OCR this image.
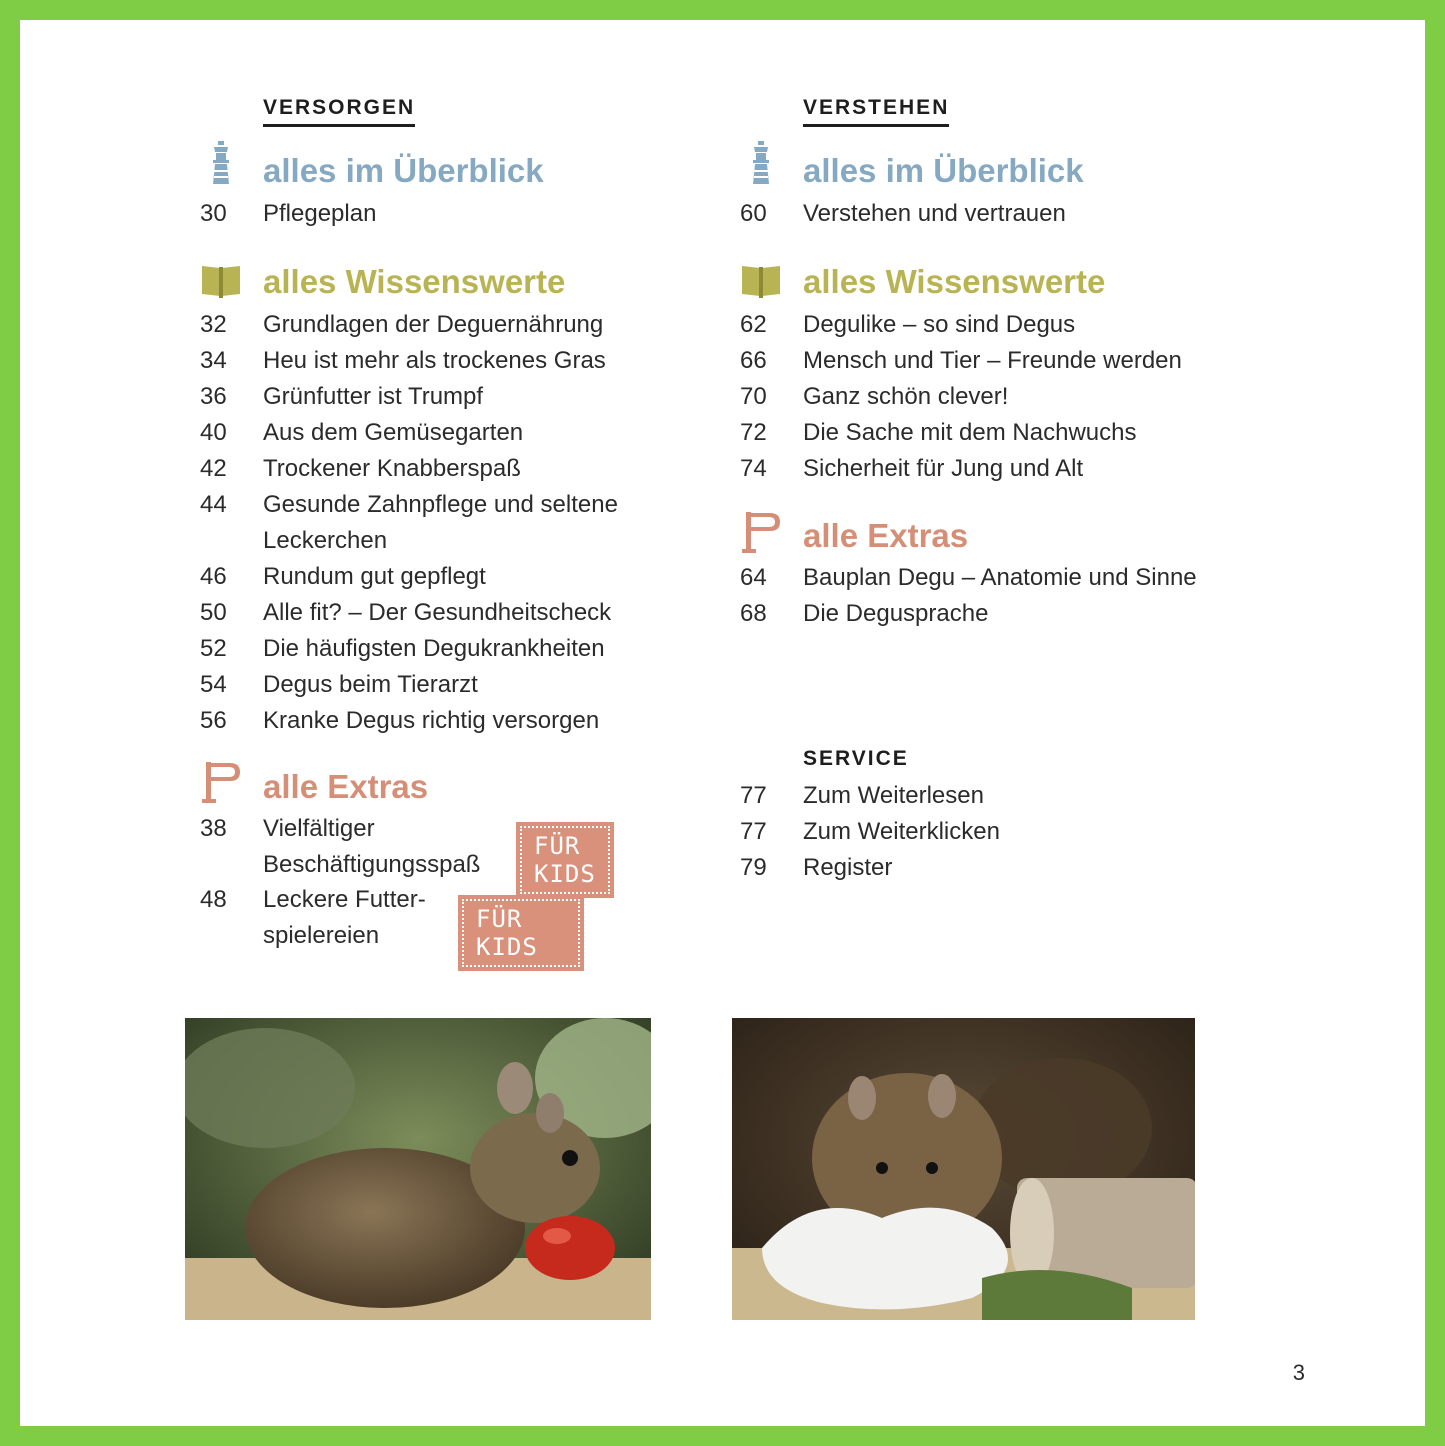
VERSORGEN
alles im Überblick
30	Pflegeplan
alles Wissenswerte
32	Grundlagen der Deguernährung
34	Heu ist mehr als trockenes Gras
36	Grünfutter ist Trumpf
40	Aus dem Gemüsegarten
42	Trockener Knabberspaß
44	Gesunde Zahnpflege und seltene
Leckerchen
46	Rundum gut gepflegt
50	Alle fit? – Der Gesundheitscheck
52	Die häufigsten Degukrankheiten
54	Degus beim Tierarzt
56	Kranke Degus richtig versorgen
alle Extras
38	Vielfältiger
Beschäftigungsspaß
FÜR KIDS
48	Leckere Futter-
spielereien
FÜR KIDS
VERSTEHEN
alles im Überblick
60	Verstehen und vertrauen
alles Wissenswerte
62	Degulike – so sind Degus
66	Mensch und Tier – Freunde werden
70	Ganz schön clever!
72	Die Sache mit dem Nachwuchs
74	Sicherheit für Jung und Alt
alle Extras
64	Bauplan Degu – Anatomie und Sinne
68	Die Degusprache
SERVICE
77	Zum Weiterlesen
77	Zum Weiterklicken
79	Register
3
